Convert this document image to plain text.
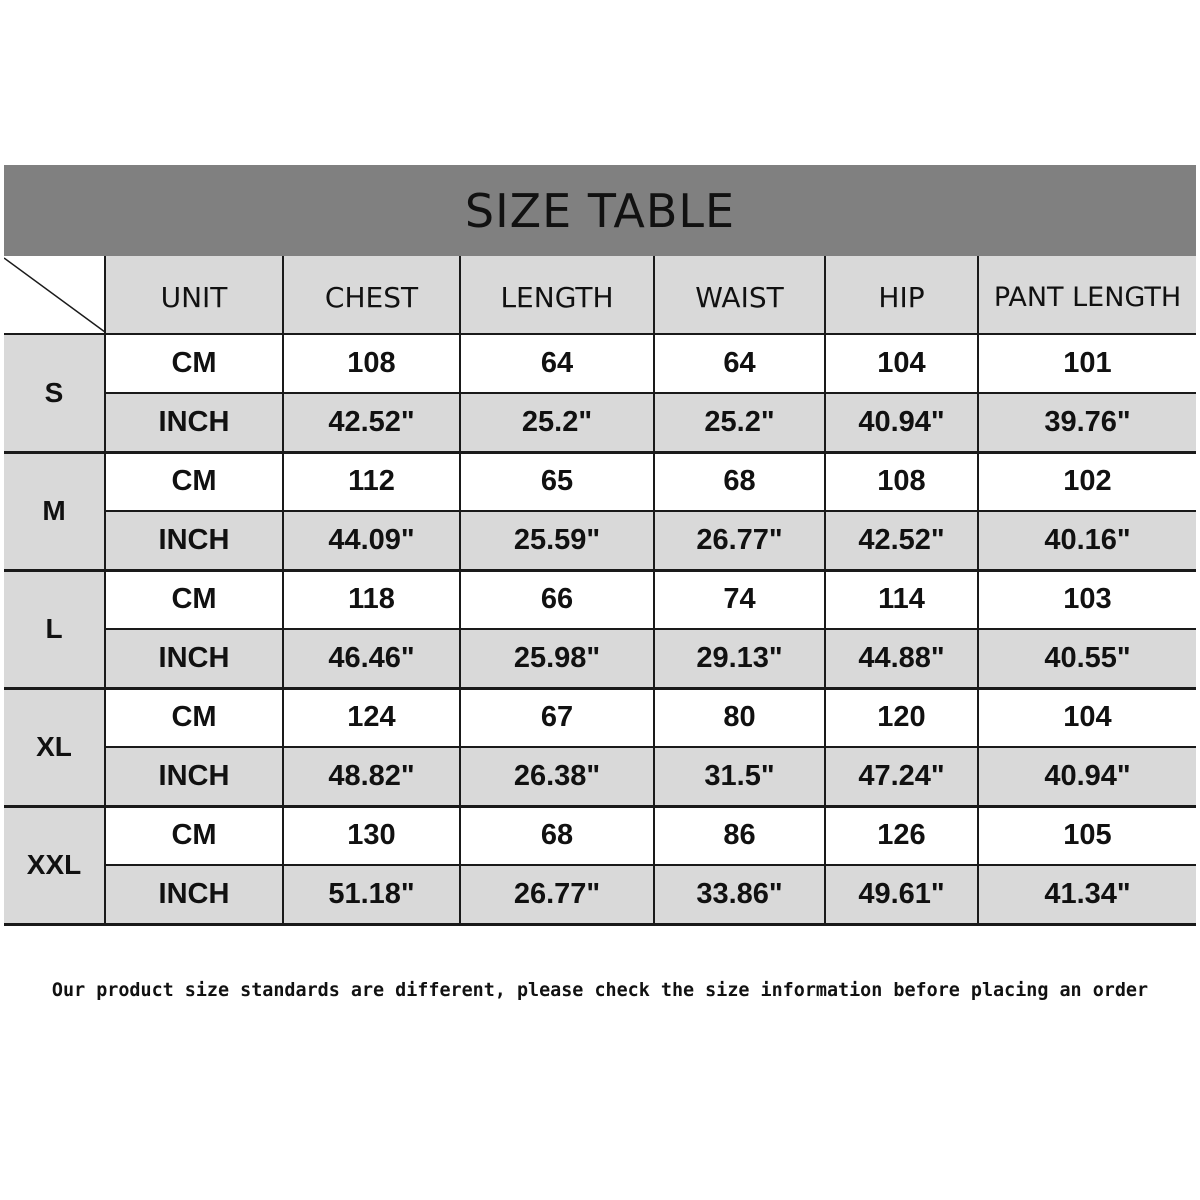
SIZE TABLE
	UNIT	CHEST	LENGTH	WAIST	HIP	PANT LENGTH
S	CM	108	64	64	104	101
	INCH	42.52"	25.2"	25.2"	40.94"	39.76"
M	CM	112	65	68	108	102
	INCH	44.09"	25.59"	26.77"	42.52"	40.16"
L	CM	118	66	74	114	103
	INCH	46.46"	25.98"	29.13"	44.88"	40.55"
XL	CM	124	67	80	120	104
	INCH	48.82"	26.38"	31.5"	47.24"	40.94"
XXL	CM	130	68	86	126	105
	INCH	51.18"	26.77"	33.86"	49.61"	41.34"
Our product size standards are different, please check the size information before placing an order
